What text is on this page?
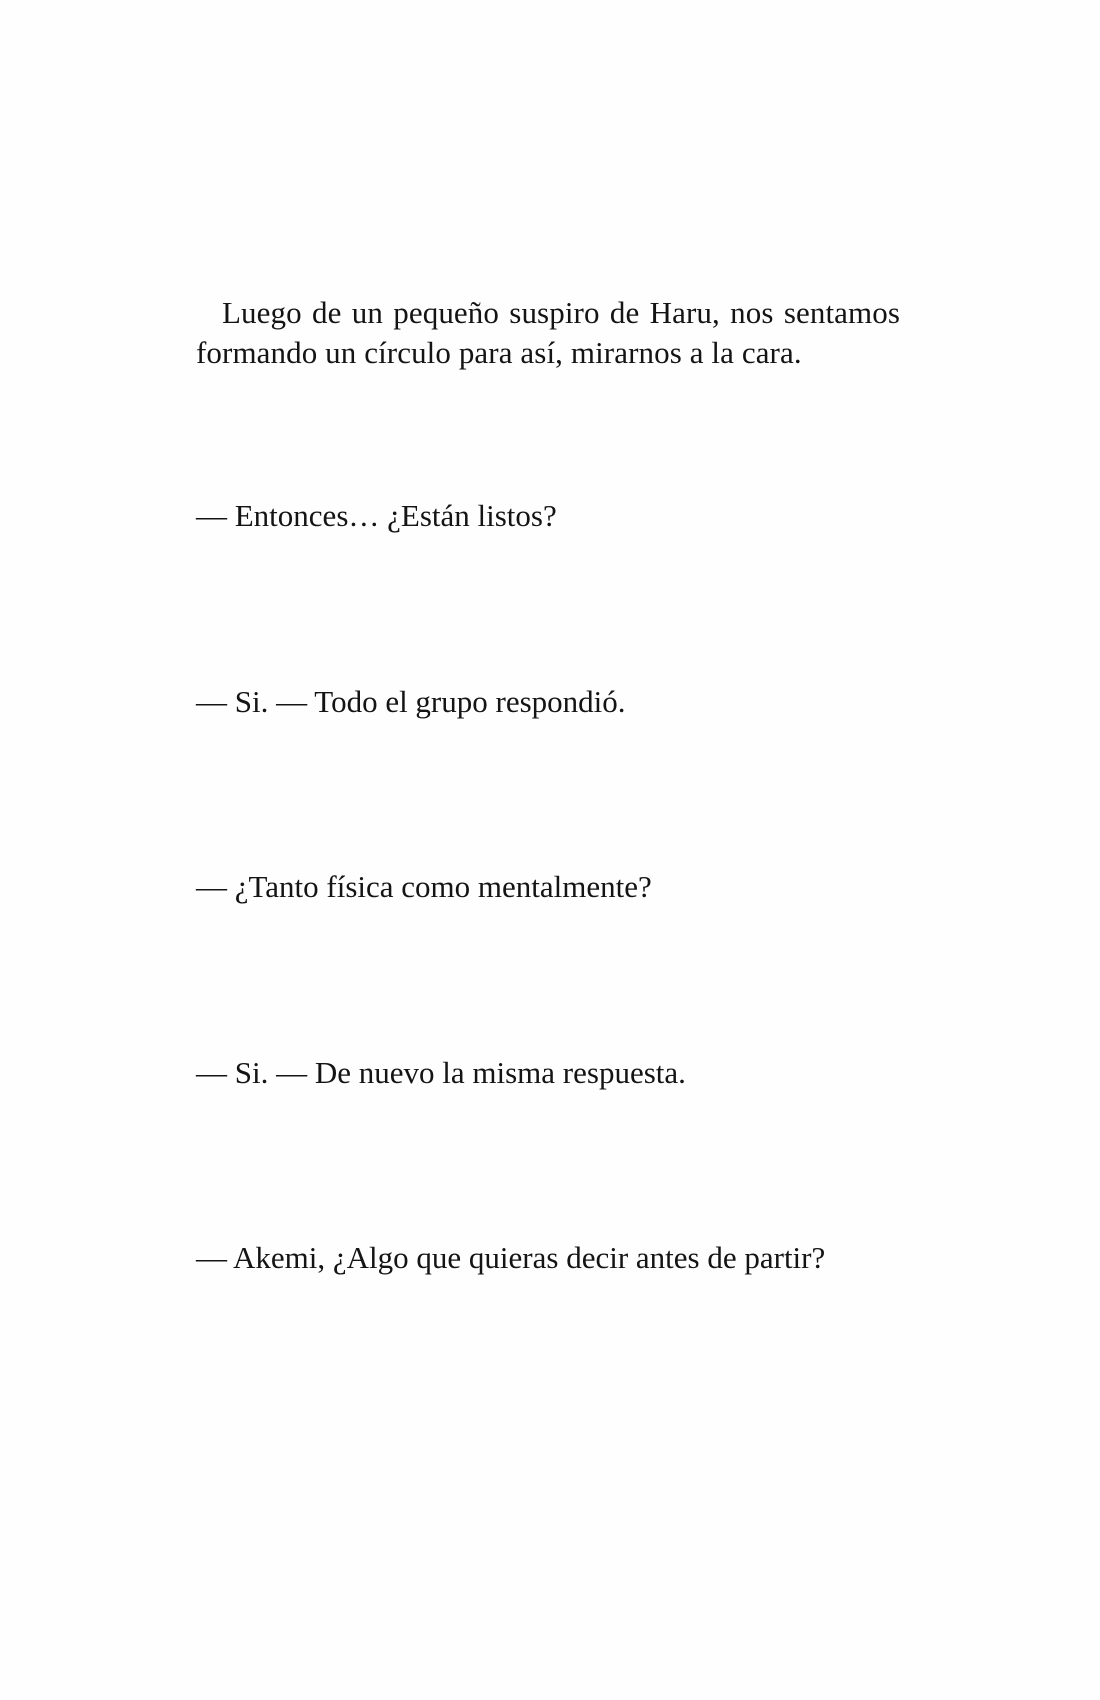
Luego de un pequeño suspiro de Haru, nos sentamos formando un círculo para así, mirarnos a la cara.

— Entonces… ¿Están listos?

— Si. — Todo el grupo respondió.

— ¿Tanto física como mentalmente?

— Si. — De nuevo la misma respuesta.

— Akemi, ¿Algo que quieras decir antes de partir?
